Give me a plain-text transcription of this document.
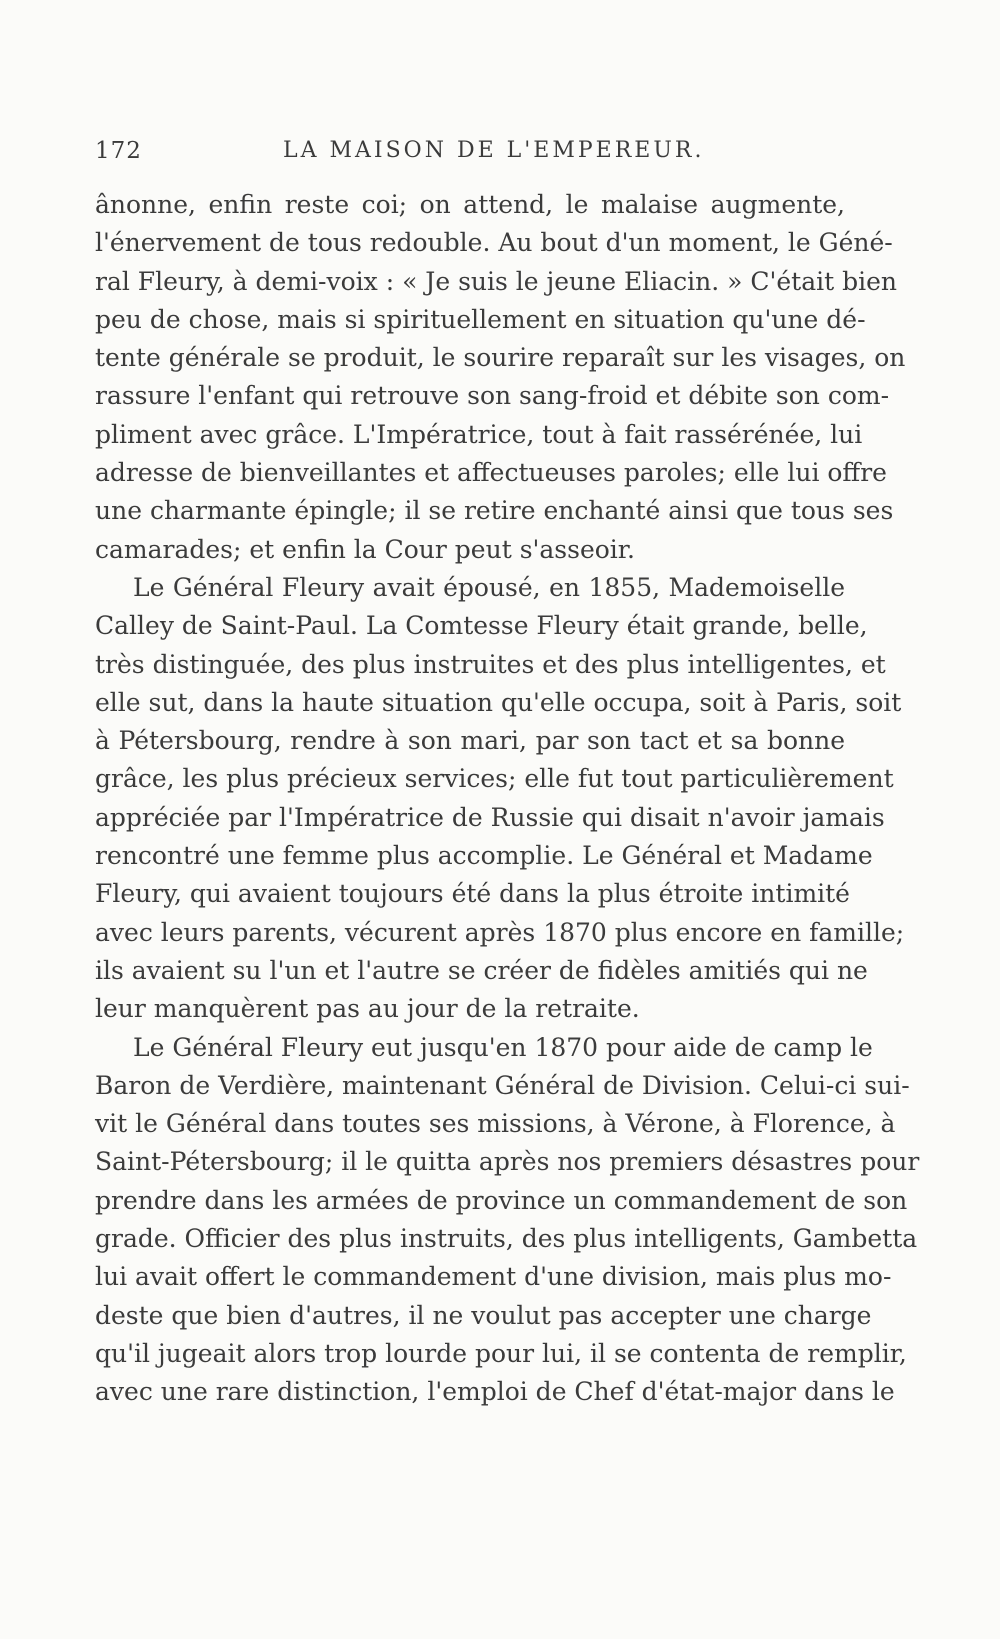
172	LA MAISON DE L'EMPEREUR.

ânonne, enfin reste coi; on attend, le malaise augmente,
l'énervement de tous redouble. Au bout d'un moment, le Géné-
ral Fleury, à demi-voix : « Je suis le jeune Eliacin. » C'était bien
peu de chose, mais si spirituellement en situation qu'une dé-
tente générale se produit, le sourire reparaît sur les visages, on
rassure l'enfant qui retrouve son sang-froid et débite son com-
pliment avec grâce. L'Impératrice, tout à fait rassérénée, lui
adresse de bienveillantes et affectueuses paroles; elle lui offre
une charmante épingle; il se retire enchanté ainsi que tous ses
camarades; et enfin la Cour peut s'asseoir.

Le Général Fleury avait épousé, en 1855, Mademoiselle
Calley de Saint-Paul. La Comtesse Fleury était grande, belle,
très distinguée, des plus instruites et des plus intelligentes, et
elle sut, dans la haute situation qu'elle occupa, soit à Paris, soit
à Pétersbourg, rendre à son mari, par son tact et sa bonne
grâce, les plus précieux services; elle fut tout particulièrement
appréciée par l'Impératrice de Russie qui disait n'avoir jamais
rencontré une femme plus accomplie. Le Général et Madame
Fleury, qui avaient toujours été dans la plus étroite intimité
avec leurs parents, vécurent après 1870 plus encore en famille;
ils avaient su l'un et l'autre se créer de fidèles amitiés qui ne
leur manquèrent pas au jour de la retraite.

Le Général Fleury eut jusqu'en 1870 pour aide de camp le
Baron de Verdière, maintenant Général de Division. Celui-ci sui-
vit le Général dans toutes ses missions, à Vérone, à Florence, à
Saint-Pétersbourg; il le quitta après nos premiers désastres pour
prendre dans les armées de province un commandement de son
grade. Officier des plus instruits, des plus intelligents, Gambetta
lui avait offert le commandement d'une division, mais plus mo-
deste que bien d'autres, il ne voulut pas accepter une charge
qu'il jugeait alors trop lourde pour lui, il se contenta de remplir,
avec une rare distinction, l'emploi de Chef d'état-major dans le
